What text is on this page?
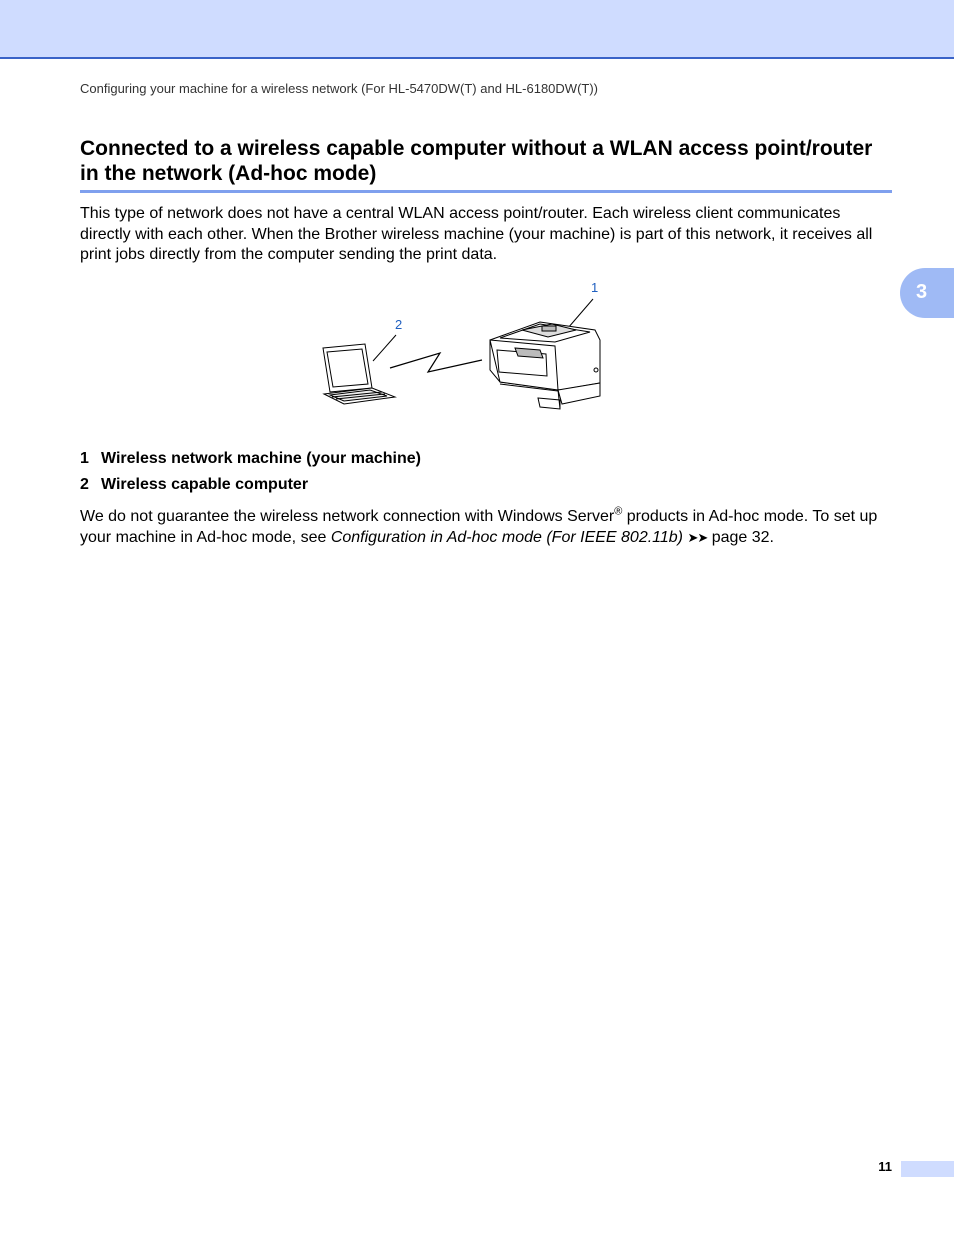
Configuring your machine for a wireless network (For HL-5470DW(T) and HL-6180DW(T))
Connected to a wireless capable computer without a WLAN access point/router in the network (Ad-hoc mode)

This type of network does not have a central WLAN access point/router. Each wireless client communicates directly with each other. When the Brother wireless machine (your machine) is part of this network, it receives all print jobs directly from the computer sending the print data.

1
2
1 Wireless network machine (your machine)
2 Wireless capable computer

We do not guarantee the wireless network connection with Windows Server® products in Ad-hoc mode. To set up your machine in Ad-hoc mode, see Configuration in Ad-hoc mode (For IEEE 802.11b) ➤➤ page 32.

3
11
